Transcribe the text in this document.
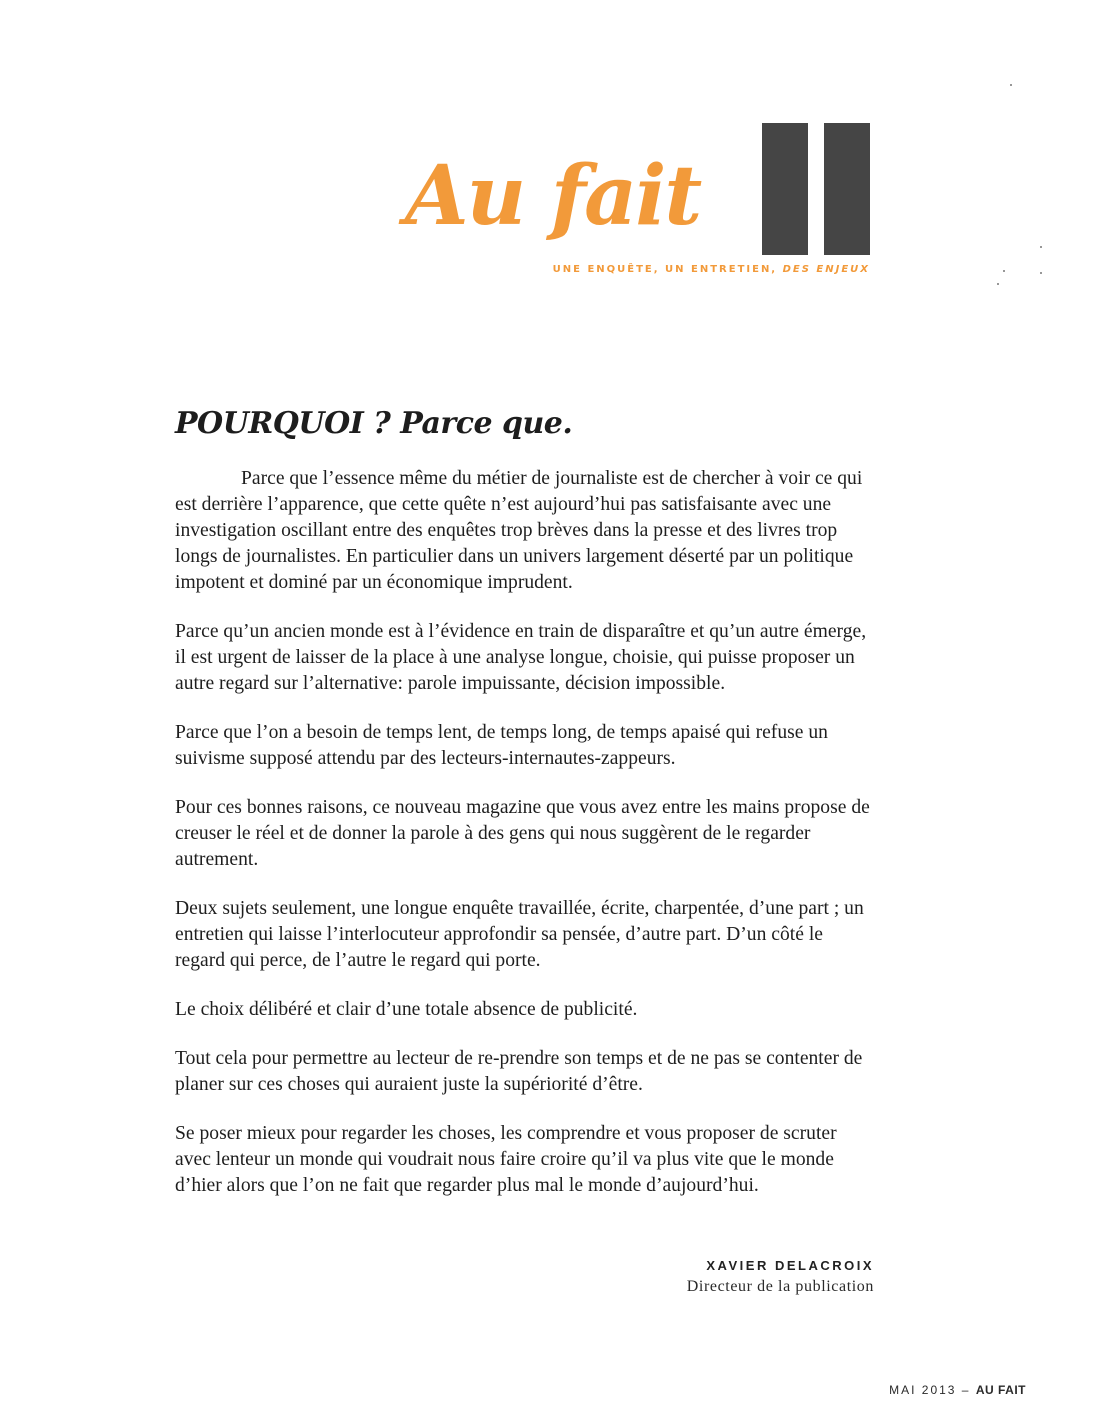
Au fait
UNE ENQUÊTE, UN ENTRETIEN, DES ENJEUX
POURQUOI ? Parce que.

Parce que l’essence même du métier de journaliste est de chercher à voir ce qui est derrière l’apparence, que cette quête n’est aujourd’hui pas satisfaisante avec une investigation oscillant entre des enquêtes trop brèves dans la presse et des livres trop longs de journalistes. En particulier dans un univers largement déserté par un politique impotent et dominé par un économique imprudent.

Parce qu’un ancien monde est à l’évidence en train de disparaître et qu’un autre émerge, il est urgent de laisser de la place à une analyse longue, choisie, qui puisse proposer un autre regard sur l’alternative: parole impuissante, décision impossible.

Parce que l’on a besoin de temps lent, de temps long, de temps apaisé qui refuse un suivisme supposé attendu par des lecteurs-internautes-zappeurs.

Pour ces bonnes raisons, ce nouveau magazine que vous avez entre les mains propose de creuser le réel et de donner la parole à des gens qui nous suggèrent de le regarder autrement.

Deux sujets seulement, une longue enquête travaillée, écrite, charpentée, d’une part ; un entretien qui laisse l’interlocuteur approfondir sa pensée, d’autre part. D’un côté le regard qui perce, de l’autre le regard qui porte.

Le choix délibéré et clair d’une totale absence de publicité.

Tout cela pour permettre au lecteur de re-prendre son temps et de ne pas se contenter de planer sur ces choses qui auraient juste la supériorité d’être.

Se poser mieux pour regarder les choses, les comprendre et vous proposer de scruter avec lenteur un monde qui voudrait nous faire croire qu’il va plus vite que le monde d’hier alors que l’on ne fait que regarder plus mal le monde d’aujourd’hui.

XAVIER DELACROIX
Directeur de la publication
MAI 2013 – AU FAIT
